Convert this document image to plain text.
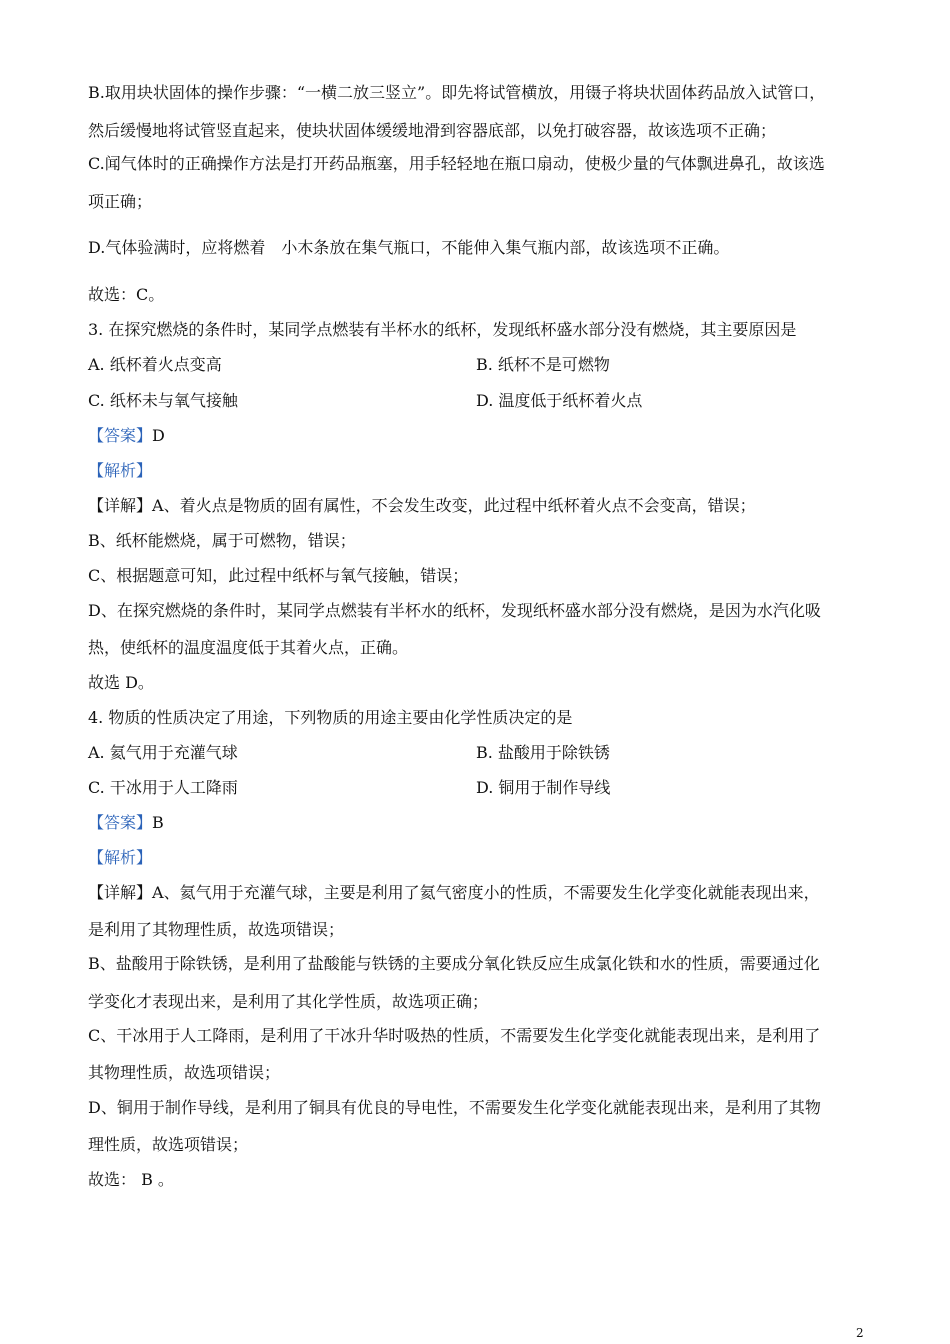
B.取用块状固体的操作步骤：“一横二放三竖立”。即先将试管横放，用镊子将块状固体药品放入试管口，
然后缓慢地将试管竖直起来，使块状固体缓缓地滑到容器底部，以免打破容器，故该选项不正确；
C.闻气体时的正确操作方法是打开药品瓶塞，用手轻轻地在瓶口扇动，使极少量的气体飘进鼻孔，故该选
项正确；
D.气体验满时，应将燃着　小木条放在集气瓶口，不能伸入集气瓶内部，故该选项不正确。
故选：C。
3. 在探究燃烧的条件时，某同学点燃装有半杯水的纸杯，发现纸杯盛水部分没有燃烧，其主要原因是
A. 纸杯着火点变高	B. 纸杯不是可燃物
C. 纸杯未与氧气接触	D. 温度低于纸杯着火点
【答案】D
【解析】
【详解】A、着火点是物质的固有属性，不会发生改变，此过程中纸杯着火点不会变高，错误；
B、纸杯能燃烧，属于可燃物，错误；
C、根据题意可知，此过程中纸杯与氧气接触，错误；
D、在探究燃烧的条件时，某同学点燃装有半杯水的纸杯，发现纸杯盛水部分没有燃烧，是因为水汽化吸
热，使纸杯的温度温度低于其着火点，正确。
故选 D。
4. 物质的性质决定了用途，下列物质的用途主要由化学性质决定的是
A. 氦气用于充灌气球	B. 盐酸用于除铁锈
C. 干冰用于人工降雨	D. 铜用于制作导线
【答案】B
【解析】
【详解】A、氦气用于充灌气球，主要是利用了氦气密度小的性质，不需要发生化学变化就能表现出来，
是利用了其物理性质，故选项错误；
B、盐酸用于除铁锈，是利用了盐酸能与铁锈的主要成分氧化铁反应生成氯化铁和水的性质，需要通过化
学变化才表现出来，是利用了其化学性质，故选项正确；
C、干冰用于人工降雨，是利用了干冰升华时吸热的性质，不需要发生化学变化就能表现出来，是利用了
其物理性质，故选项错误；
D、铜用于制作导线，是利用了铜具有优良的导电性，不需要发生化学变化就能表现出来，是利用了其物
理性质，故选项错误；
故选： B 。
2
